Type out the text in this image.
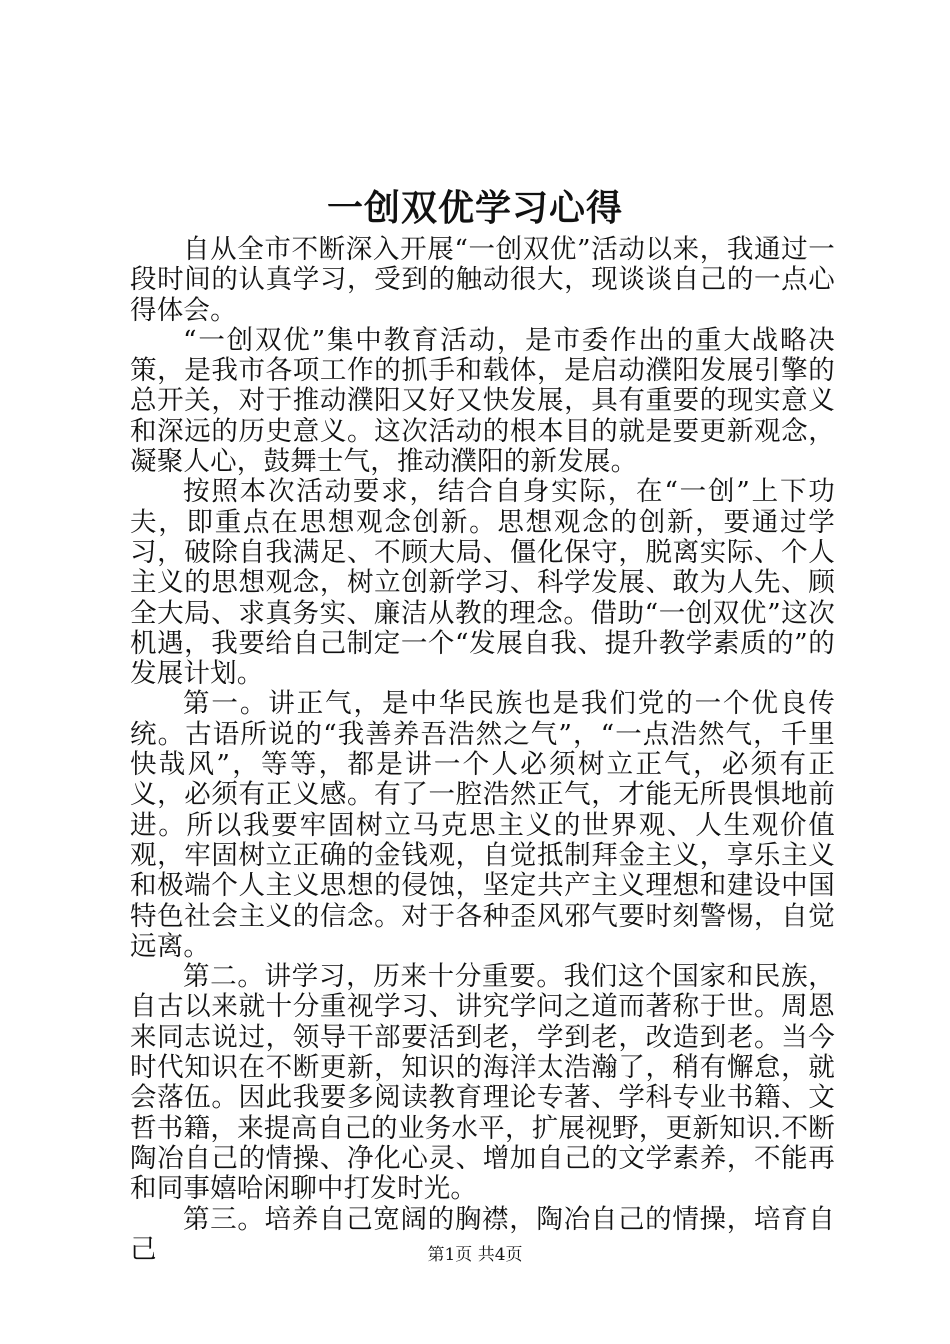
一创双优学习心得

自从全市不断深入开展“一创双优”活动以来，我通过一段时间的认真学习，受到的触动很大，现谈谈自己的一点心得体会。

“一创双优”集中教育活动，是市委作出的重大战略决策，是我市各项工作的抓手和载体，是启动濮阳发展引擎的总开关，对于推动濮阳又好又快发展，具有重要的现实意义和深远的历史意义。这次活动的根本目的就是要更新观念，凝聚人心，鼓舞士气，推动濮阳的新发展。

按照本次活动要求，结合自身实际，在“一创”上下功夫，即重点在思想观念创新。思想观念的创新，要通过学习，破除自我满足、不顾大局、僵化保守，脱离实际、个人主义的思想观念，树立创新学习、科学发展、敢为人先、顾全大局、求真务实、廉洁从教的理念。借助“一创双优”这次机遇，我要给自己制定一个“发展自我、提升教学素质的”的发展计划。

第一。讲正气，是中华民族也是我们党的一个优良传统。古语所说的“我善养吾浩然之气”，“一点浩然气，千里快哉风”，等等，都是讲一个人必须树立正气，必须有正义，必须有正义感。有了一腔浩然正气，才能无所畏惧地前进。所以我要牢固树立马克思主义的世界观、人生观价值观，牢固树立正确的金钱观，自觉抵制拜金主义，享乐主义和极端个人主义思想的侵蚀，坚定共产主义理想和建设中国特色社会主义的信念。对于各种歪风邪气要时刻警惕，自觉远离。

第二。讲学习，历来十分重要。我们这个国家和民族，自古以来就十分重视学习、讲究学问之道而著称于世。周恩来同志说过，领导干部要活到老，学到老，改造到老。当今时代知识在不断更新，知识的海洋太浩瀚了，稍有懈怠，就会落伍。因此我要多阅读教育理论专著、学科专业书籍、文哲书籍，来提高自己的业务水平，扩展视野，更新知识.不断陶冶自己的情操、净化心灵、增加自己的文学素养，不能再和同事嬉哈闲聊中打发时光。

第三。培养自己宽阔的胸襟，陶冶自己的情操，培育自己	第1页 共4页
